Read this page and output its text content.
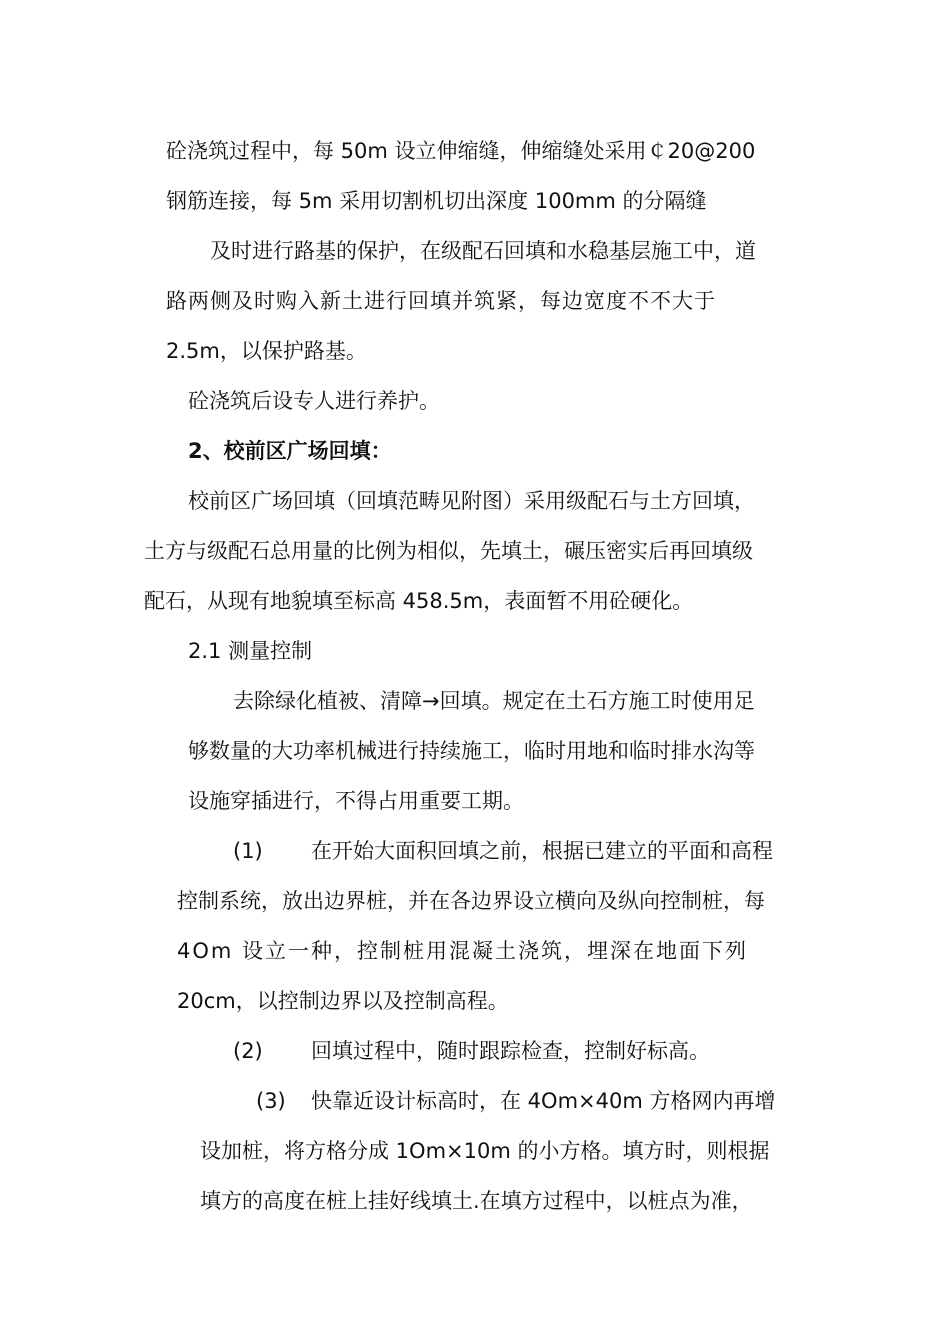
砼浇筑过程中，每 50m 设立伸缩缝，伸缩缝处采用￠20@200
钢筋连接，每 5m 采用切割机切出深度 100mm 的分隔缝
及时进行路基的保护，在级配石回填和水稳基层施工中，道
路两侧及时购入新土进行回填并筑紧，每边宽度不不大于
2.5m，以保护路基。
砼浇筑后设专人进行养护。
2、校前区广场回填：
校前区广场回填（回填范畴见附图）采用级配石与土方回填，
土方与级配石总用量的比例为相似，先填土，碾压密实后再回填级
配石，从现有地貌填至标高 458.5m，表面暂不用砼硬化。
2.1 测量控制
去除绿化植被、清障→回填。规定在土石方施工时使用足
够数量的大功率机械进行持续施工，临时用地和临时排水沟等
设施穿插进行，不得占用重要工期。
(1) 在开始大面积回填之前，根据已建立的平面和高程
控制系统，放出边界桩，并在各边界设立横向及纵向控制桩，每
4Om 设立一种，控制桩用混凝土浇筑，埋深在地面下列
20cm，以控制边界以及控制高程。
(2) 回填过程中，随时跟踪检查，控制好标高。
(3) 快靠近设计标高时，在 4Om×40m 方格网内再增
设加桩，将方格分成 1Om×10m 的小方格。填方时，则根据
填方的高度在桩上挂好线填土.在填方过程中，以桩点为准，
